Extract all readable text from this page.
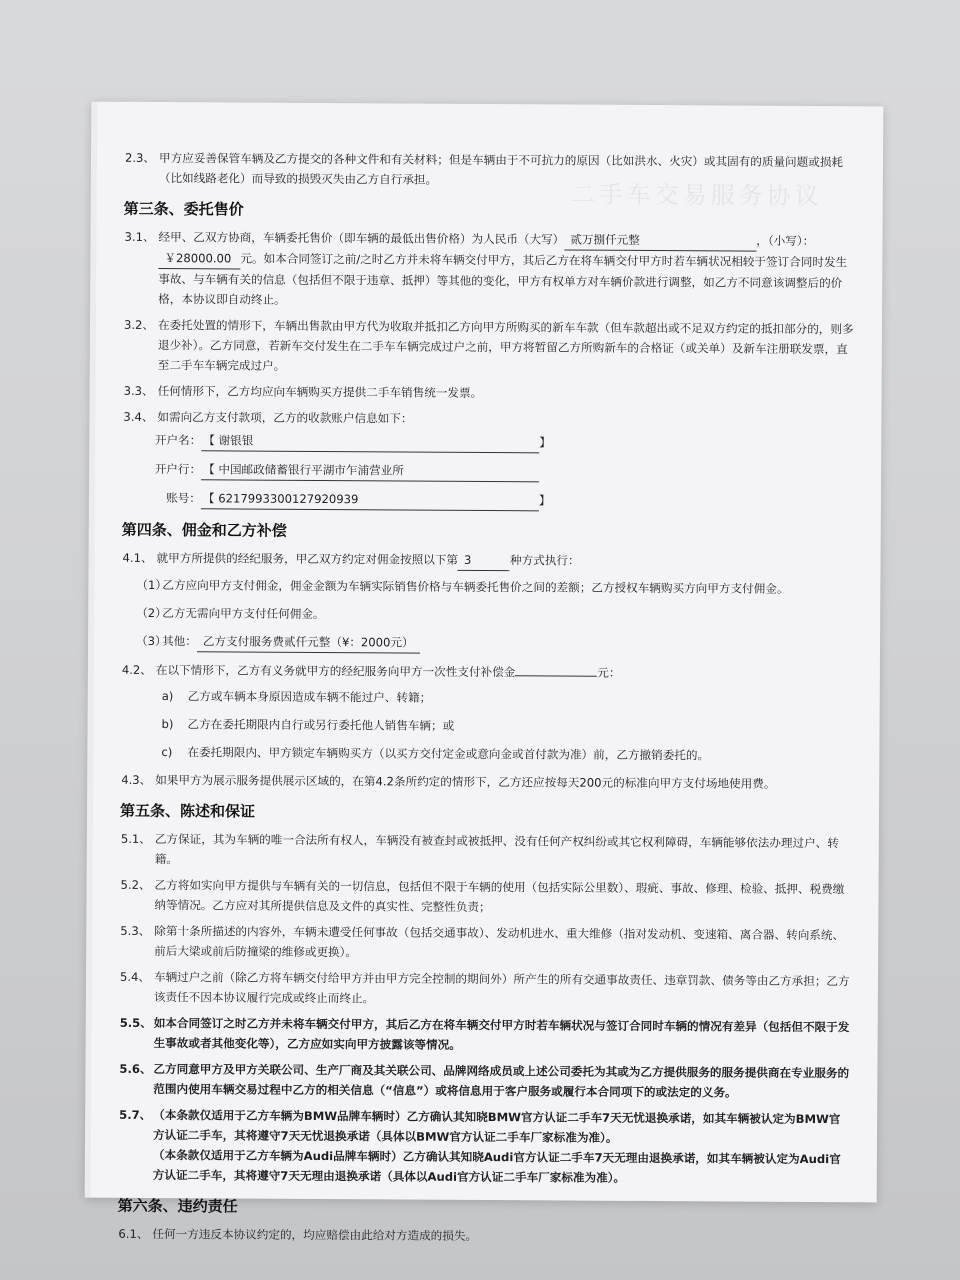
二手车交易服务协议
2.3、 甲方应妥善保管车辆及乙方提交的各种文件和有关材料；但是车辆由于不可抗力的原因（比如洪水、火灾）或其固有的质量问题或损耗（比如线路老化）而导致的损毁灭失由乙方自行承担。
第三条、委托售价
3.1、 经甲、乙双方协商，车辆委托售价（即车辆的最低出售价格）为人民币（大写） 贰万捌仟元整	，（小写）：￥28000.00 元。如本合同签订之前/之时乙方并未将车辆交付甲方，其后乙方在将车辆交付甲方时若车辆状况相较于签订合同时发生事故、与车辆有关的信息（包括但不限于违章、抵押）等其他的变化，甲方有权单方对车辆价款进行调整，如乙方不同意该调整后的价格，本协议即自动终止。
3.2、 在委托处置的情形下，车辆出售款由甲方代为收取并抵扣乙方向甲方所购买的新车车款（但车款超出或不足双方约定的抵扣部分的，则多退少补）。乙方同意，若新车交付发生在二手车车辆完成过户之前，甲方将暂留乙方所购新车的合格证（或关单）及新车注册联发票，直至二手车车辆完成过户。
3.3、 任何情形下，乙方均应向车辆购买方提供二手车销售统一发票。
3.4、 如需向乙方支付款项，乙方的收款账户信息如下：
开户名： 【 谢银银	】
开户行： 【 中国邮政储蓄银行平湖市乍浦营业所
账号： 【 6217993300127920939	】
第四条、佣金和乙方补偿
4.1、 就甲方所提供的经纪服务，甲乙双方约定对佣金按照以下第 3	种方式执行：
（1）
乙方应向甲方支付佣金，佣金金额为车辆实际销售价格与车辆委托售价之间的差额；乙方授权车辆购买方向甲方支付佣金。
（2）
乙方无需向甲方支付任何佣金。
（3）
其他： 乙方支付服务费贰仟元整（¥：2000元）
4.2、 在以下情形下，乙方有义务就甲方的经纪服务向甲方一次性支付补偿金	元：
a)	乙方或车辆本身原因造成车辆不能过户、转籍；
b)	乙方在委托期限内自行或另行委托他人销售车辆；或
c)	在委托期限内、甲方锁定车辆购买方（以买方交付定金或意向金或首付款为准）前，乙方撤销委托的。
4.3、 如果甲方为展示服务提供展示区域的，在第4.2条所约定的情形下，乙方还应按每天200元的标准向甲方支付场地使用费。
第五条、陈述和保证
5.1、 乙方保证，其为车辆的唯一合法所有权人，车辆没有被查封或被抵押、没有任何产权纠纷或其它权利障碍，车辆能够依法办理过户、转籍。
5.2、 乙方将如实向甲方提供与车辆有关的一切信息，包括但不限于车辆的使用（包括实际公里数）、瑕疵、事故、修理、检验、抵押、税费缴纳等情况。乙方应对其所提供信息及文件的真实性、完整性负责；
5.3、 除第十条所描述的内容外，车辆未遭受任何事故（包括交通事故）、发动机进水、重大维修（指对发动机、变速箱、离合器、转向系统、前后大梁或前后防撞梁的维修或更换）。
5.4、 车辆过户之前（除乙方将车辆交付给甲方并由甲方完全控制的期间外）所产生的所有交通事故责任、违章罚款、债务等由乙方承担；乙方该责任不因本协议履行完成或终止而终止。
5.5、 如本合同签订之时乙方并未将车辆交付甲方，其后乙方在将车辆交付甲方时若车辆状况与签订合同时车辆的情况有差异（包括但不限于发生事故或者其他变化等），乙方应如实向甲方披露该等情况。
5.6、 乙方同意甲方及甲方关联公司、生产厂商及其关联公司、品牌网络成员或上述公司委托为其或为乙方提供服务的服务提供商在专业服务的范围内使用车辆交易过程中乙方的相关信息（“信息”）或将信息用于客户服务或履行本合同项下的或法定的义务。
5.7、 （本条款仅适用于乙方车辆为BMW品牌车辆时）乙方确认其知晓BMW官方认证二手车7天无忧退换承诺，如其车辆被认定为BMW官方认证二手车，其将遵守7天无忧退换承诺（具体以BMW官方认证二手车厂家标准为准）。
（本条款仅适用于乙方车辆为Audi品牌车辆时）乙方确认其知晓Audi官方认证二手车7天无理由退换承诺，如其车辆被认定为Audi官方认证二手车，其将遵守7天无理由退换承诺（具体以Audi官方认证二手车厂家标准为准）。
第六条、违约责任
6.1、 任何一方违反本协议约定的，均应赔偿由此给对方造成的损失。
